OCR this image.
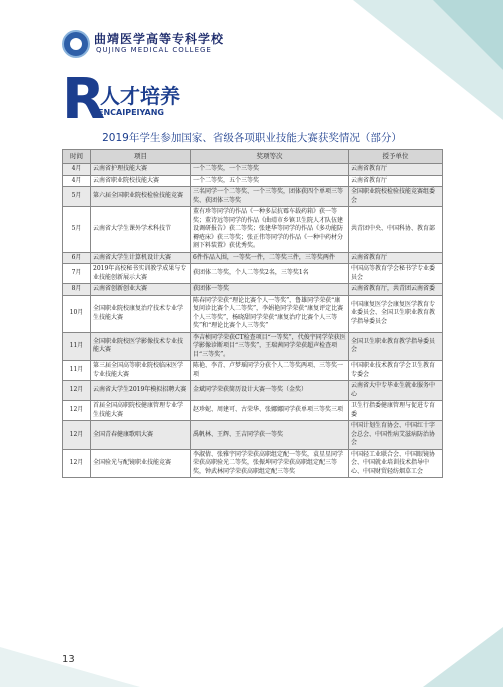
曲靖医学高等专科学校
QUJING MEDICAL COLLEGE
R
人才培养
ENCAIPEIYANG
2019年学生参加国家、省级各项职业技能大赛获奖情况（部分）
时间	项目	奖项等次	授予单位
4月	云南省护理技能大赛	一个二等奖，一个三等奖	云南省教育厅
4月	云南省职业院校技能大赛	一个二等奖，五个三等奖	云南省教育厅
5月	第六届全国职业院校检验技能竞赛	三名同学一个二等奖、一个三等奖，团体获四个单项三等奖、获团体三等奖	全国职业院校检验技能竞赛组委会
5月	云南省大学生课外学术科技节	董有珍等同学的作品《一种多层抗霉车载药箱》获一等奖；董诗远等同学的作品《曲靖市乡镇卫生院人才队伍建设调研报告》获二等奖；张建华等同学的作品《多功能防褥疮床》获三等奖；张正伟等同学的作品《一种中药材分割下料装置》获优秀奖。	共青团中央、中国科协、教育部
6月	云南省大学生计算机设计大赛	6件作品入围，一等奖一件，二等奖三件，三等奖两件	云南省教育厅
7月	2019年高校秘书实训教学成果与专业技能创新展示大赛	获团体二等奖，个人二等奖2名，三等奖1名	中国高等教育学会秘书学专业委员会
8月	云南省创新创业大赛	获团体一等奖	云南省教育厅，共青团云南省委
10月	全国职业院校康复治疗技术专业学生技能大赛	陈春同学荣获“理论比赛个人一等奖”，鲁雄同学荣获“康复问诊比赛个人二等奖”，李娟艳同学荣获“康复评定比赛个人三等奖”，杨晓甜同学荣获“康复治疗比赛个人三等奖”和“理论比赛个人三等奖”	中国康复医学会康复医学教育专业委员会、全国卫生职业教育教学指导委员会
11月	全国职业院校医学影像技术专业技能大赛	李吉桢同学荣获CT检查项目“一等奖”，代俊宇同学荣获医学影像诊断项目“三等奖”，王瑞茜同学荣获超声检查项目“三等奖”。	全国卫生职业教育教学指导委员会
11月	第三届全国高等职业院校临床医学专业技能大赛	陈艳、李青、卢梦瑶同学分获个人二等奖两项、三等奖一项	中国职业技术教育学会卫生教育专委会
12月	云南省大学生2019年模拟招聘大赛	金斌同学荣获简历设计大赛一等奖（金奖）	云南省大中专毕业生就业服务中心
12月	首届全国高职院校健康管理专业学生技能大赛	赵珍妮、周建可、古荣华、张娜娜同学获单项三等奖三项	卫生行指委健康管理与促进专育委
12月	全国青春健康歌唱大赛	禹帆林、王辉、王吉同学获一等奖	中国计划生育协会、中国红十字会总会、中国性病艾滋病防治协会
12月	全国验光与配镜职业技能竞赛	李淑倩、张雅宇同学荣获高职组定配一等奖，袁星星同学荣获高职验光二等奖，张振坤同学荣获高职组定配三等奖，钟武林同学荣获高职组定配三等奖	中国轻工业联合会、中国眼镜协会、中国就业培训技术指导中心、中国财贸轻纺烟草工会
13
